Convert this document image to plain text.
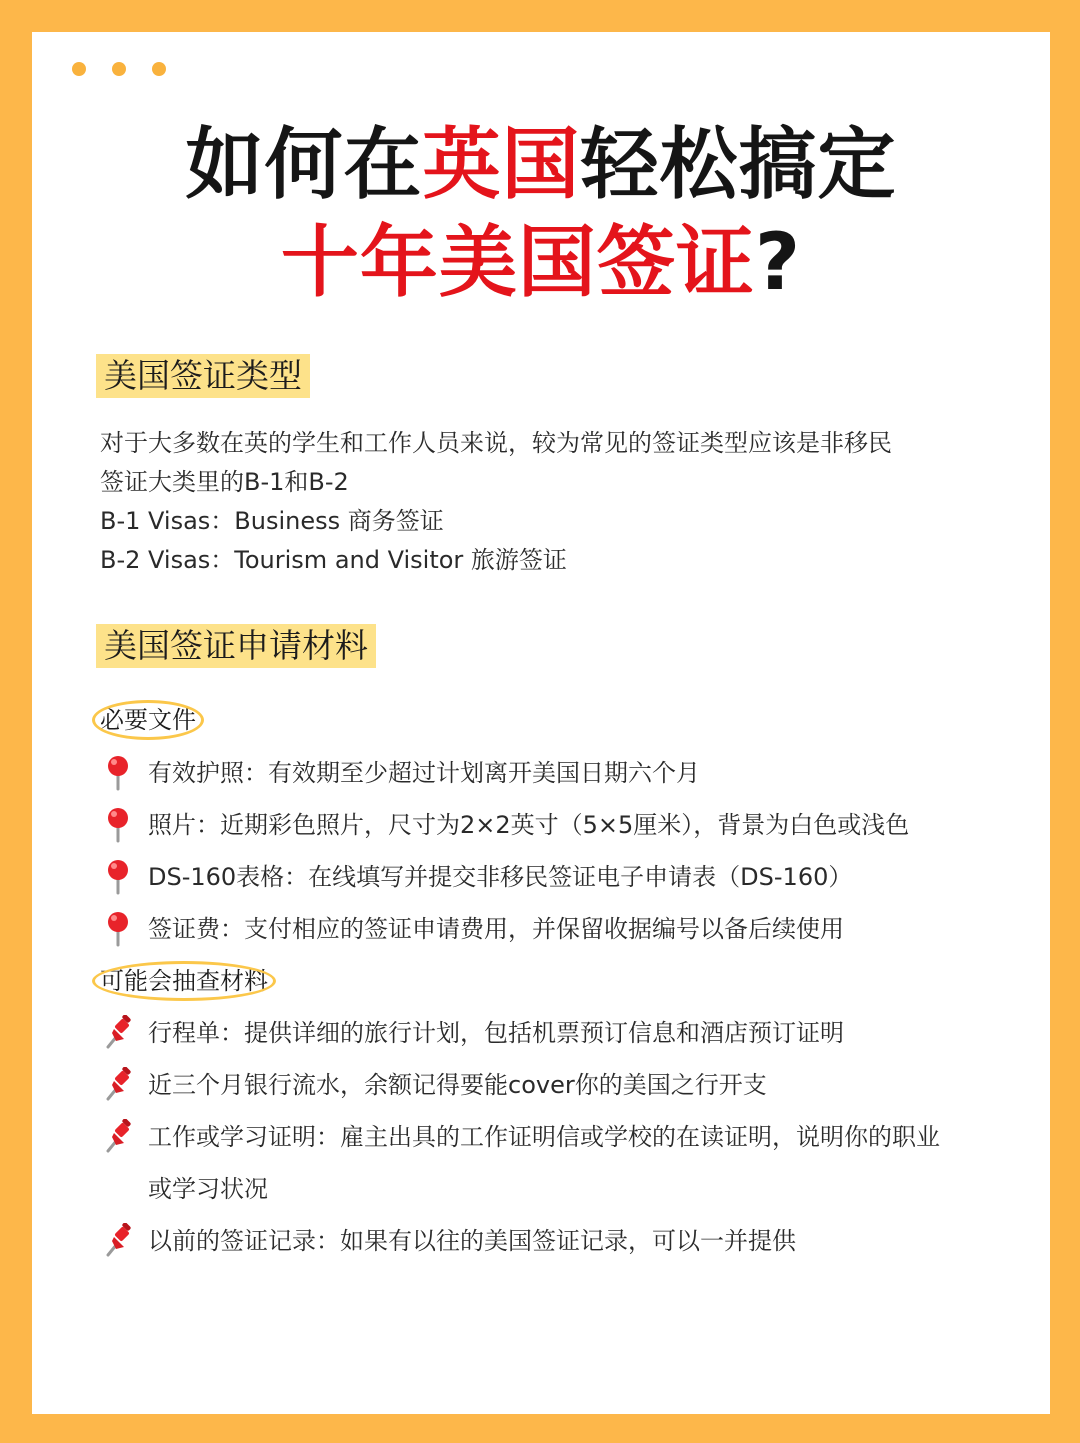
如何在英国轻松搞定
十年美国签证?
美国签证类型
对于大多数在英的学生和工作人员来说，较为常见的签证类型应该是非移民
签证大类里的B-1和B-2
B-1 Visas：Business 商务签证
B-2 Visas：Tourism and Visitor 旅游签证
美国签证申请材料
必要文件
有效护照：有效期至少超过计划离开美国日期六个月
照片：近期彩色照片，尺寸为2×2英寸（5×5厘米），背景为白色或浅色
DS-160表格：在线填写并提交非移民签证电子申请表（DS-160）
签证费：支付相应的签证申请费用，并保留收据编号以备后续使用
可能会抽查材料
行程单：提供详细的旅行计划，包括机票预订信息和酒店预订证明
近三个月银行流水，余额记得要能cover你的美国之行开支
工作或学习证明：雇主出具的工作证明信或学校的在读证明，说明你的职业
或学习状况
以前的签证记录：如果有以往的美国签证记录，可以一并提供
